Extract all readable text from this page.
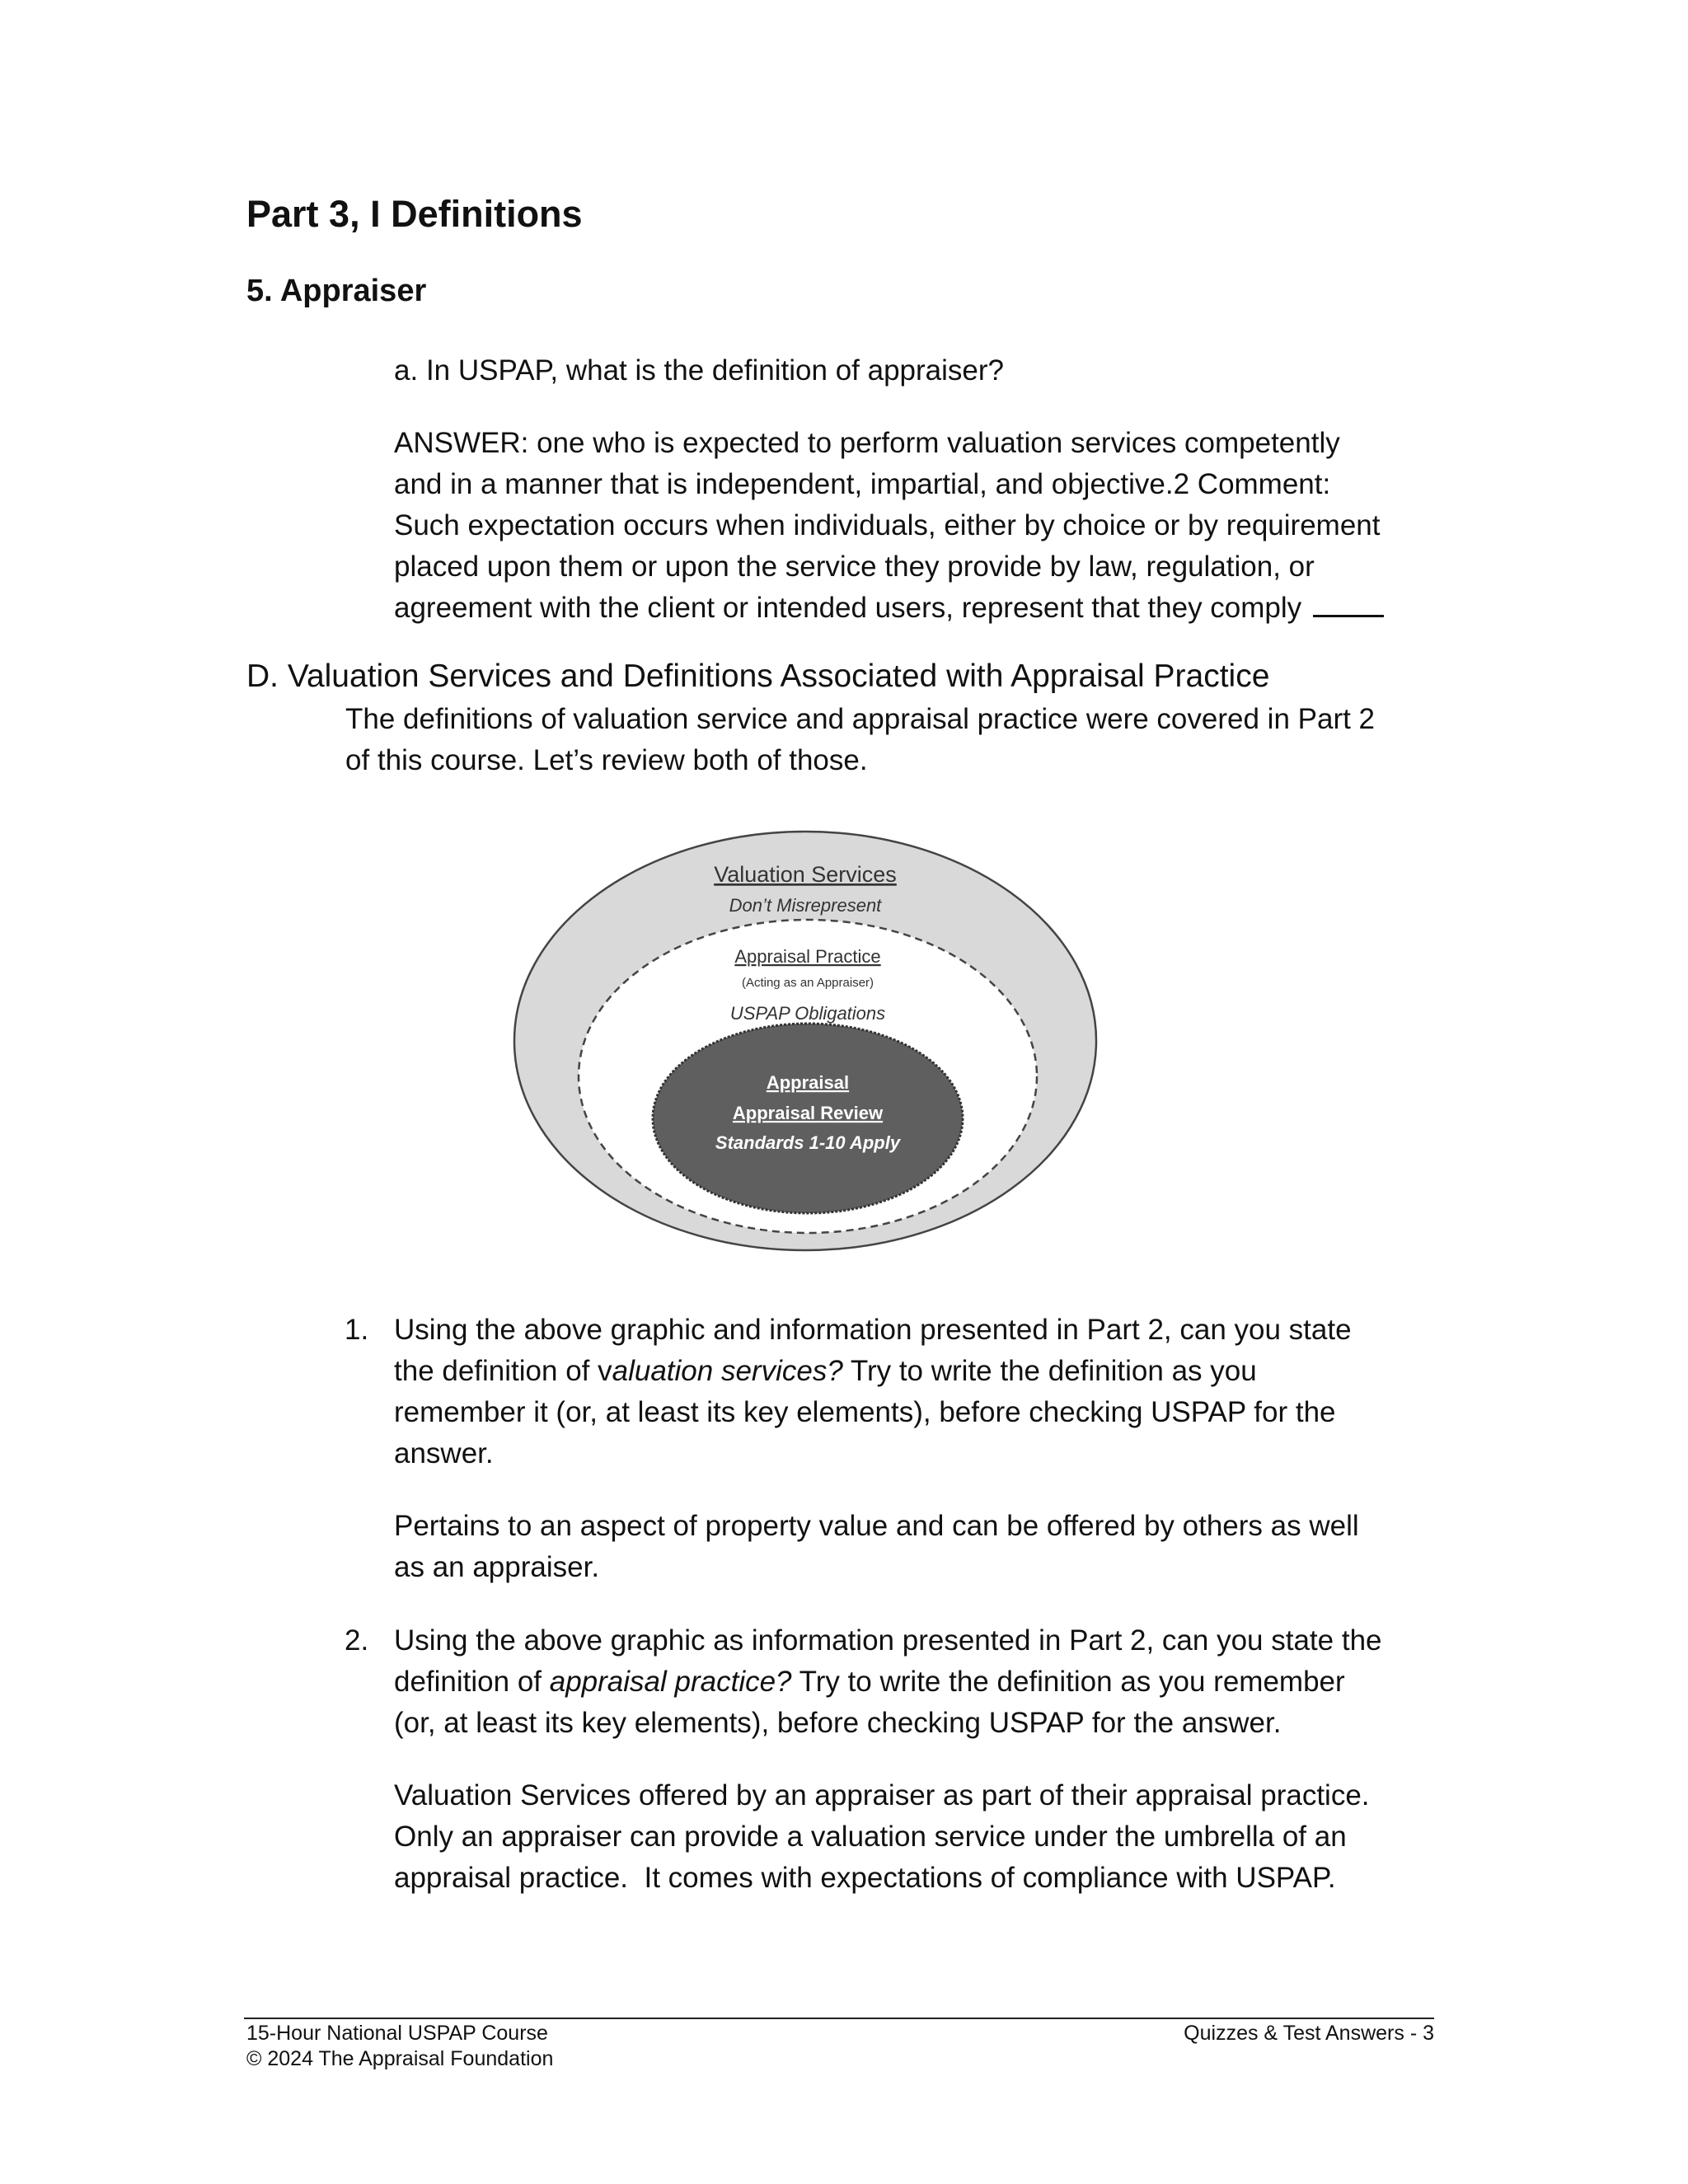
Part 3, I Definitions
5. Appraiser
a. In USPAP, what is the definition of appraiser?
ANSWER: one who is expected to perform valuation services competently
and in a manner that is independent, impartial, and objective.2 Comment:
Such expectation occurs when individuals, either by choice or by requirement
placed upon them or upon the service they provide by law, regulation, or
agreement with the client or intended users, represent that they comply
D. Valuation Services and Definitions Associated with Appraisal Practice
The definitions of valuation service and appraisal practice were covered in Part 2
of this course. Let’s review both of those.
Valuation Services
Don’t Misrepresent
Appraisal Practice
(Acting as an Appraiser)
USPAP Obligations
Appraisal
Appraisal Review
Standards 1-10 Apply
1. Using the above graphic and information presented in Part 2, can you state
the definition of valuation services? Try to write the definition as you
remember it (or, at least its key elements), before checking USPAP for the
answer.
Pertains to an aspect of property value and can be offered by others as well
as an appraiser.
2. Using the above graphic as information presented in Part 2, can you state the
definition of appraisal practice? Try to write the definition as you remember
(or, at least its key elements), before checking USPAP for the answer.
Valuation Services offered by an appraiser as part of their appraisal practice.
Only an appraiser can provide a valuation service under the umbrella of an
appraisal practice.  It comes with expectations of compliance with USPAP.
15-Hour National USPAP Course
© 2024 The Appraisal Foundation
Quizzes & Test Answers - 3
